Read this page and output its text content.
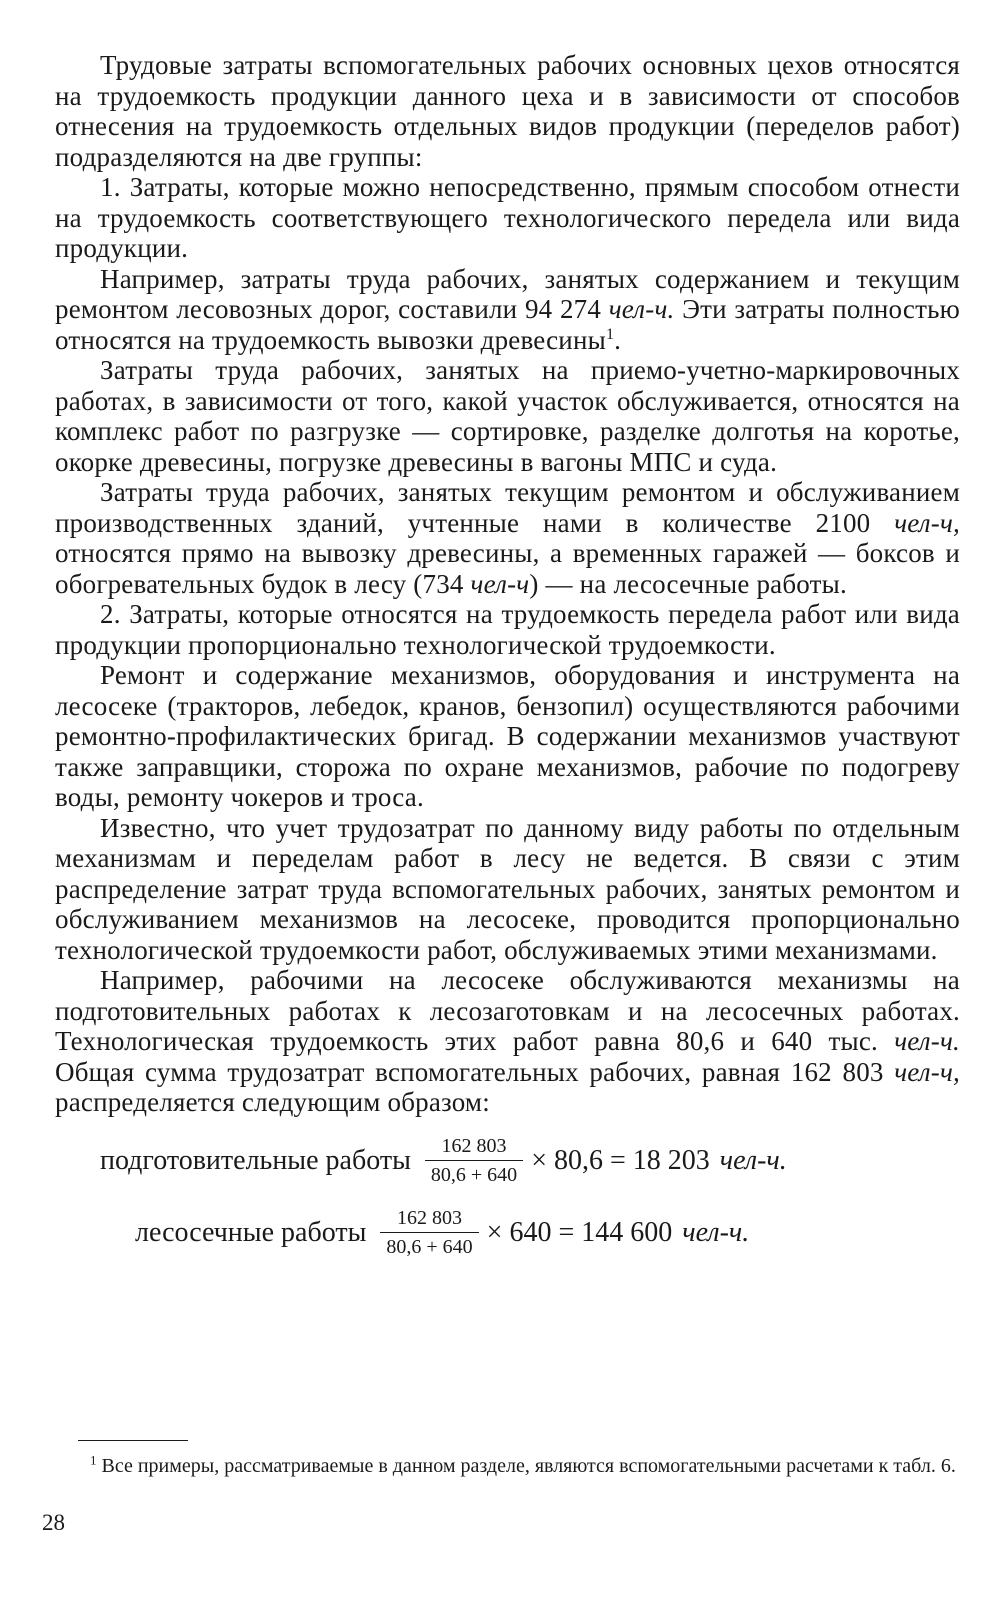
Трудовые затраты вспомогательных рабочих основных цехов относятся на трудоемкость продукции данного цеха и в зависимости от способов отнесения на трудоемкость отдельных видов продукции (переделов работ) подразделяются на две группы:

1. Затраты, которые можно непосредственно, прямым способом отнести на трудоемкость соответствующего технологического передела или вида продукции.

Например, затраты труда рабочих, занятых содержанием и текущим ремонтом лесовозных дорог, составили 94 274 чел-ч. Эти затраты полностью относятся на трудоемкость вывозки древесины$^1$.

Затраты труда рабочих, занятых на приемо-учетно-маркировочных работах, в зависимости от того, какой участок обслуживается, относятся на комплекс работ по разгрузке — сортировке, разделке долготья на коротье, окорке древесины, погрузке древесины в вагоны МПС и суда.

Затраты труда рабочих, занятых текущим ремонтом и обслуживанием производственных зданий, учтенные нами в количестве 2100 чел-ч, относятся прямо на вывозку древесины, а временных гаражей — боксов и обогревательных будок в лесу (734 чел-ч) — на лесосечные работы.

2. Затраты, которые относятся на трудоемкость передела работ или вида продукции пропорционально технологической трудоемкости.

Ремонт и содержание механизмов, оборудования и инструмента на лесосеке (тракторов, лебедок, кранов, бензопил) осуществляются рабочими ремонтно-профилактических бригад. В содержании механизмов участвуют также заправщики, сторожа по охране механизмов, рабочие по подогреву воды, ремонту чокеров и троса.

Известно, что учет трудозатрат по данному виду работы по отдельным механизмам и переделам работ в лесу не ведется. В связи с этим распределение затрат труда вспомогательных рабочих, занятых ремонтом и обслуживанием механизмов на лесосеке, проводится пропорционально технологической трудоемкости работ, обслуживаемых этими механизмами.

Например, рабочими на лесосеке обслуживаются механизмы на подготовительных работах к лесозаготовкам и на лесосечных работах. Технологическая трудоемкость этих работ равна 80,6 и 640 тыс. чел-ч. Общая сумма трудозатрат вспомогательных рабочих, равная 162 803 чел-ч, распределяется следующим образом:

подготовительные работы $\frac{162 803}{80,6 + 640} \times 80,6 = 18$ 203 чел-ч.
лесосечные работы $\frac{162 803}{80,6 + 640} \times 640 = 144$ 600 чел-ч.

$^1$ Все примеры, рассматриваемые в данном разделе, являются вспомогательными расчетами к табл. 6.

28
